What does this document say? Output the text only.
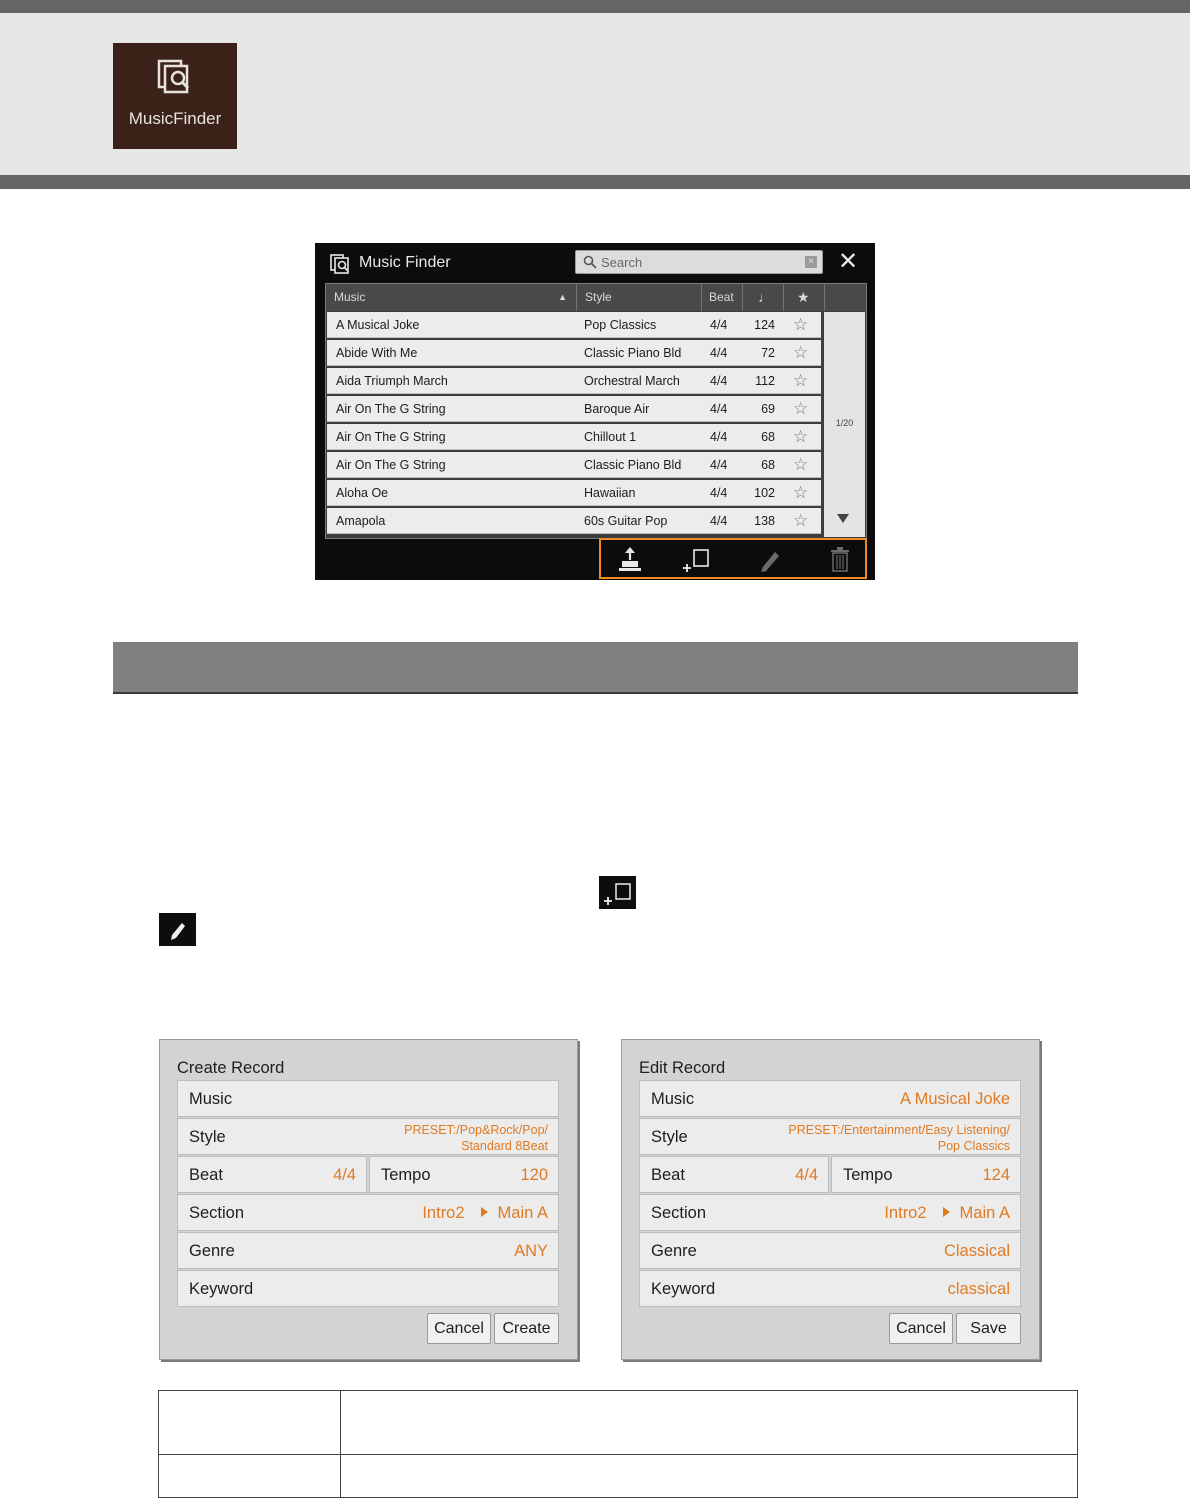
MusicFinder
Music Finder
Search	× ✕
Music	▲	Style	Beat	♩	★
A Musical Joke	Pop Classics	4/4	124 ☆
Abide With Me	Classic Piano Bld 4/4	72 ☆
Aida Triumph March	Orchestral March 4/4	112 ☆
Air On The G String	Baroque Air	4/4	69 ☆
Air On The G String	Chillout 1	4/4	68 ☆
Air On The G String	Classic Piano Bld 4/4	68 ☆
Aloha Oe	Hawaiian	4/4	102 ☆
Amapola	60s Guitar Pop	4/4	138 ☆
1/20
Create Record
Music
Style	PRESET:/Pop&Rock/Pop/
Standard 8Beat
Beat	4/4 Tempo	120
Section	Intro2 Main A
Genre	ANY
Keyword
Cancel	Create
Edit Record
Music	A Musical Joke
Style	PRESET:/Entertainment/Easy Listening/
Pop Classics
Beat	4/4 Tempo	124
Section	Intro2 Main A
Genre	Classical
Keyword	classical
Cancel	Save
